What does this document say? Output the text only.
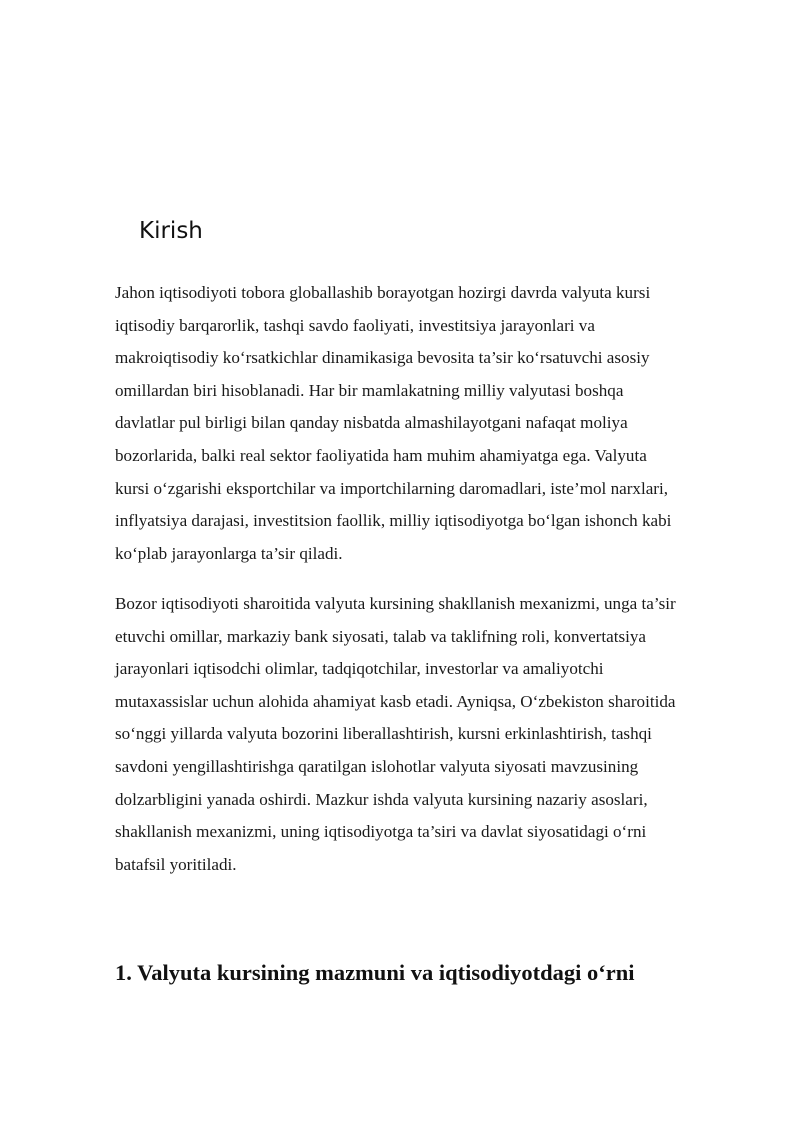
Kirish

Jahon iqtisodiyoti tobora globallashib borayotgan hozirgi davrda valyuta kursi
iqtisodiy barqarorlik, tashqi savdo faoliyati, investitsiya jarayonlari va
makroiqtisodiy ko‘rsatkichlar dinamikasiga bevosita ta’sir ko‘rsatuvchi asosiy
omillardan biri hisoblanadi. Har bir mamlakatning milliy valyutasi boshqa
davlatlar pul birligi bilan qanday nisbatda almashilayotgani nafaqat moliya
bozorlarida, balki real sektor faoliyatida ham muhim ahamiyatga ega. Valyuta
kursi o‘zgarishi eksportchilar va importchilarning daromadlari, iste’mol narxlari,
inflyatsiya darajasi, investitsion faollik, milliy iqtisodiyotga bo‘lgan ishonch kabi
ko‘plab jarayonlarga ta’sir qiladi.

Bozor iqtisodiyoti sharoitida valyuta kursining shakllanish mexanizmi, unga ta’sir
etuvchi omillar, markaziy bank siyosati, talab va taklifning roli, konvertatsiya
jarayonlari iqtisodchi olimlar, tadqiqotchilar, investorlar va amaliyotchi
mutaxassislar uchun alohida ahamiyat kasb etadi. Ayniqsa, O‘zbekiston sharoitida
so‘nggi yillarda valyuta bozorini liberallashtirish, kursni erkinlashtirish, tashqi
savdoni yengillashtirishga qaratilgan islohotlar valyuta siyosati mavzusining
dolzarbligini yanada oshirdi. Mazkur ishda valyuta kursining nazariy asoslari,
shakllanish mexanizmi, uning iqtisodiyotga ta’siri va davlat siyosatidagi o‘rni
batafsil yoritiladi.

1. Valyuta kursining mazmuni va iqtisodiyotdagi o‘rni
